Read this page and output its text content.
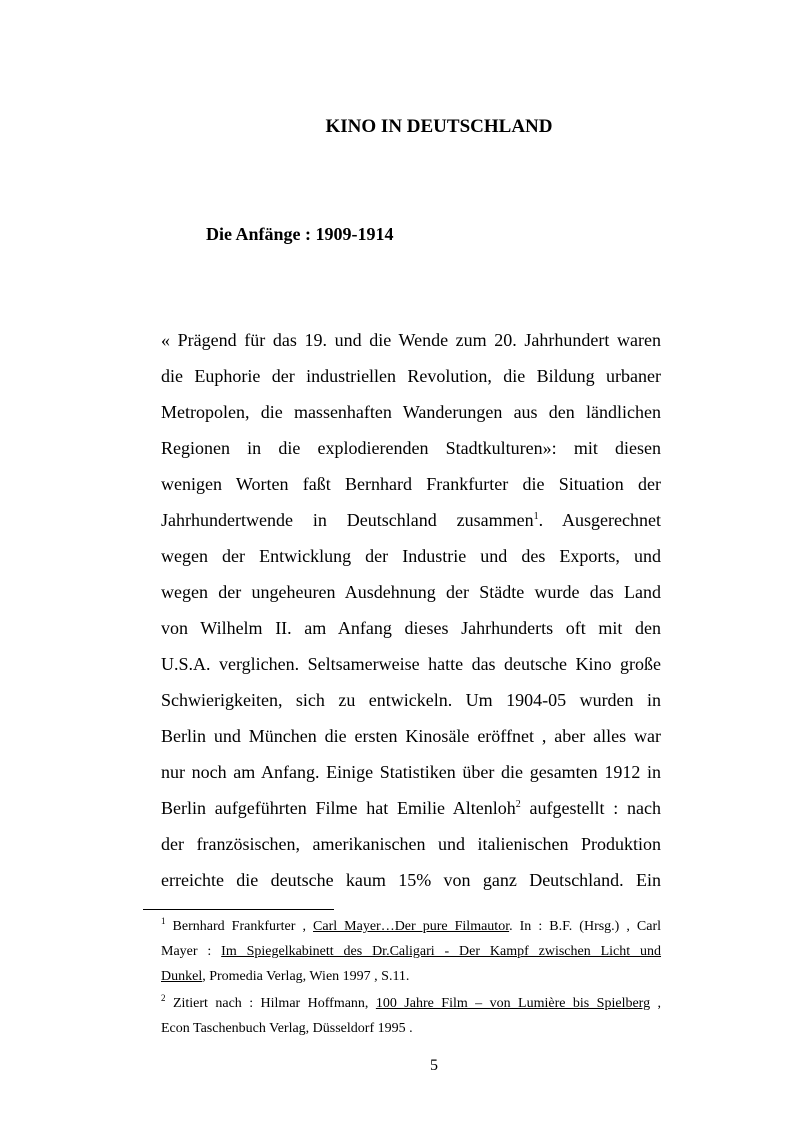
KINO IN DEUTSCHLAND
Die Anfänge : 1909-1914
« Prägend für das 19. und die Wende zum 20. Jahrhundert waren
die Euphorie der industriellen Revolution, die Bildung urbaner
Metropolen, die massenhaften Wanderungen aus den ländlichen
Regionen in die explodierenden Stadtkulturen»: mit diesen
wenigen Worten faßt Bernhard Frankfurter die Situation der
Jahrhundertwende in Deutschland zusammen$^1$. Ausgerechnet
wegen der Entwicklung der Industrie und des Exports, und
wegen der ungeheuren Ausdehnung der Städte wurde das Land
von Wilhelm II. am Anfang dieses Jahrhunderts oft mit den
U.S.A. verglichen. Seltsamerweise hatte das deutsche Kino große
Schwierigkeiten, sich zu entwickeln. Um 1904-05 wurden in
Berlin und München die ersten Kinosäle eröffnet , aber alles war
nur noch am Anfang. Einige Statistiken über die gesamten 1912 in
Berlin aufgeführten Filme hat Emilie Altenloh$^2$ aufgestellt : nach
der französischen, amerikanischen und italienischen Produktion
erreichte die deutsche kaum 15% von ganz Deutschland. Ein
$^1$ Bernhard Frankfurter , Carl Mayer…Der pure Filmautor. In : B.F. (Hrsg.) , Carl
Mayer : Im Spiegelkabinett des Dr.Caligari - Der Kampf zwischen Licht und
Dunkel, Promedia Verlag, Wien 1997 , S.11.
$^2$ Zitiert nach : Hilmar Hoffmann, 100 Jahre Film – von Lumière bis Spielberg ,
Econ Taschenbuch Verlag, Düsseldorf 1995 .
5
